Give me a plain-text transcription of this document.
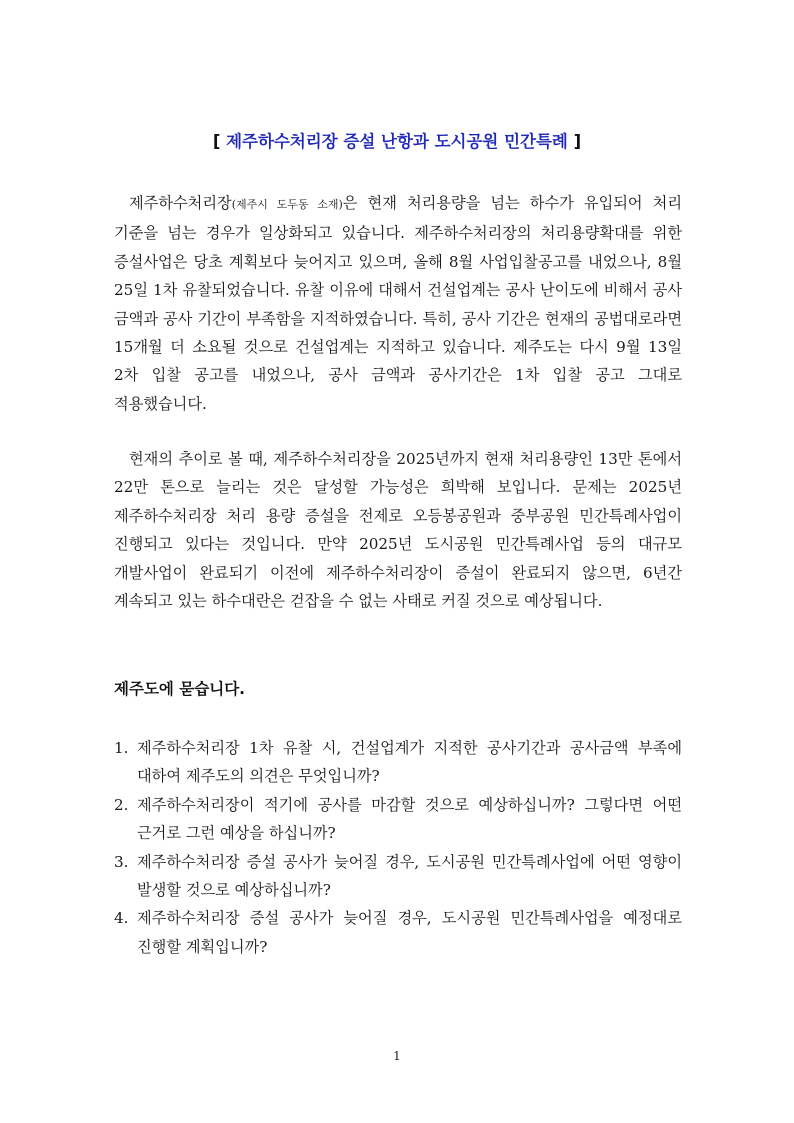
[ 제주하수처리장 증설 난항과 도시공원 민간특례 ]

제주하수처리장(제주시 도두동 소재)은 현재 처리용량을 넘는 하수가 유입되어 처리 기준을 넘는 경우가 일상화되고 있습니다. 제주하수처리장의 처리용량확대를 위한 증설사업은 당초 계획보다 늦어지고 있으며, 올해 8월 사업입찰공고를 내었으나, 8월 25일 1차 유찰되었습니다. 유찰 이유에 대해서 건설업계는 공사 난이도에 비해서 공사 금액과 공사 기간이 부족함을 지적하였습니다. 특히, 공사 기간은 현재의 공법대로라면 15개월 더 소요될 것으로 건설업계는 지적하고 있습니다. 제주도는 다시 9월 13일 2차 입찰 공고를 내었으나, 공사 금액과 공사기간은 1차 입찰 공고 그대로 적용했습니다.

현재의 추이로 볼 때, 제주하수처리장을 2025년까지 현재 처리용량인 13만 톤에서 22만 톤으로 늘리는 것은 달성할 가능성은 희박해 보입니다. 문제는 2025년 제주하수처리장 처리 용량 증설을 전제로 오등봉공원과 중부공원 민간특례사업이 진행되고 있다는 것입니다. 만약 2025년 도시공원 민간특례사업 등의 대규모 개발사업이 완료되기 이전에 제주하수처리장이 증설이 완료되지 않으면, 6년간 계속되고 있는 하수대란은 걷잡을 수 없는 사태로 커질 것으로 예상됩니다.

제주도에 묻습니다.
1. 제주하수처리장 1차 유찰 시, 건설업계가 지적한 공사기간과 공사금액 부족에 대하여 제주도의 의견은 무엇입니까?
2. 제주하수처리장이 적기에 공사를 마감할 것으로 예상하십니까? 그렇다면 어떤 근거로 그런 예상을 하십니까?
3. 제주하수처리장 증설 공사가 늦어질 경우, 도시공원 민간특례사업에 어떤 영향이 발생할 것으로 예상하십니까?
4. 제주하수처리장 증설 공사가 늦어질 경우, 도시공원 민간특례사업을 예정대로 진행할 계획입니까?
1
